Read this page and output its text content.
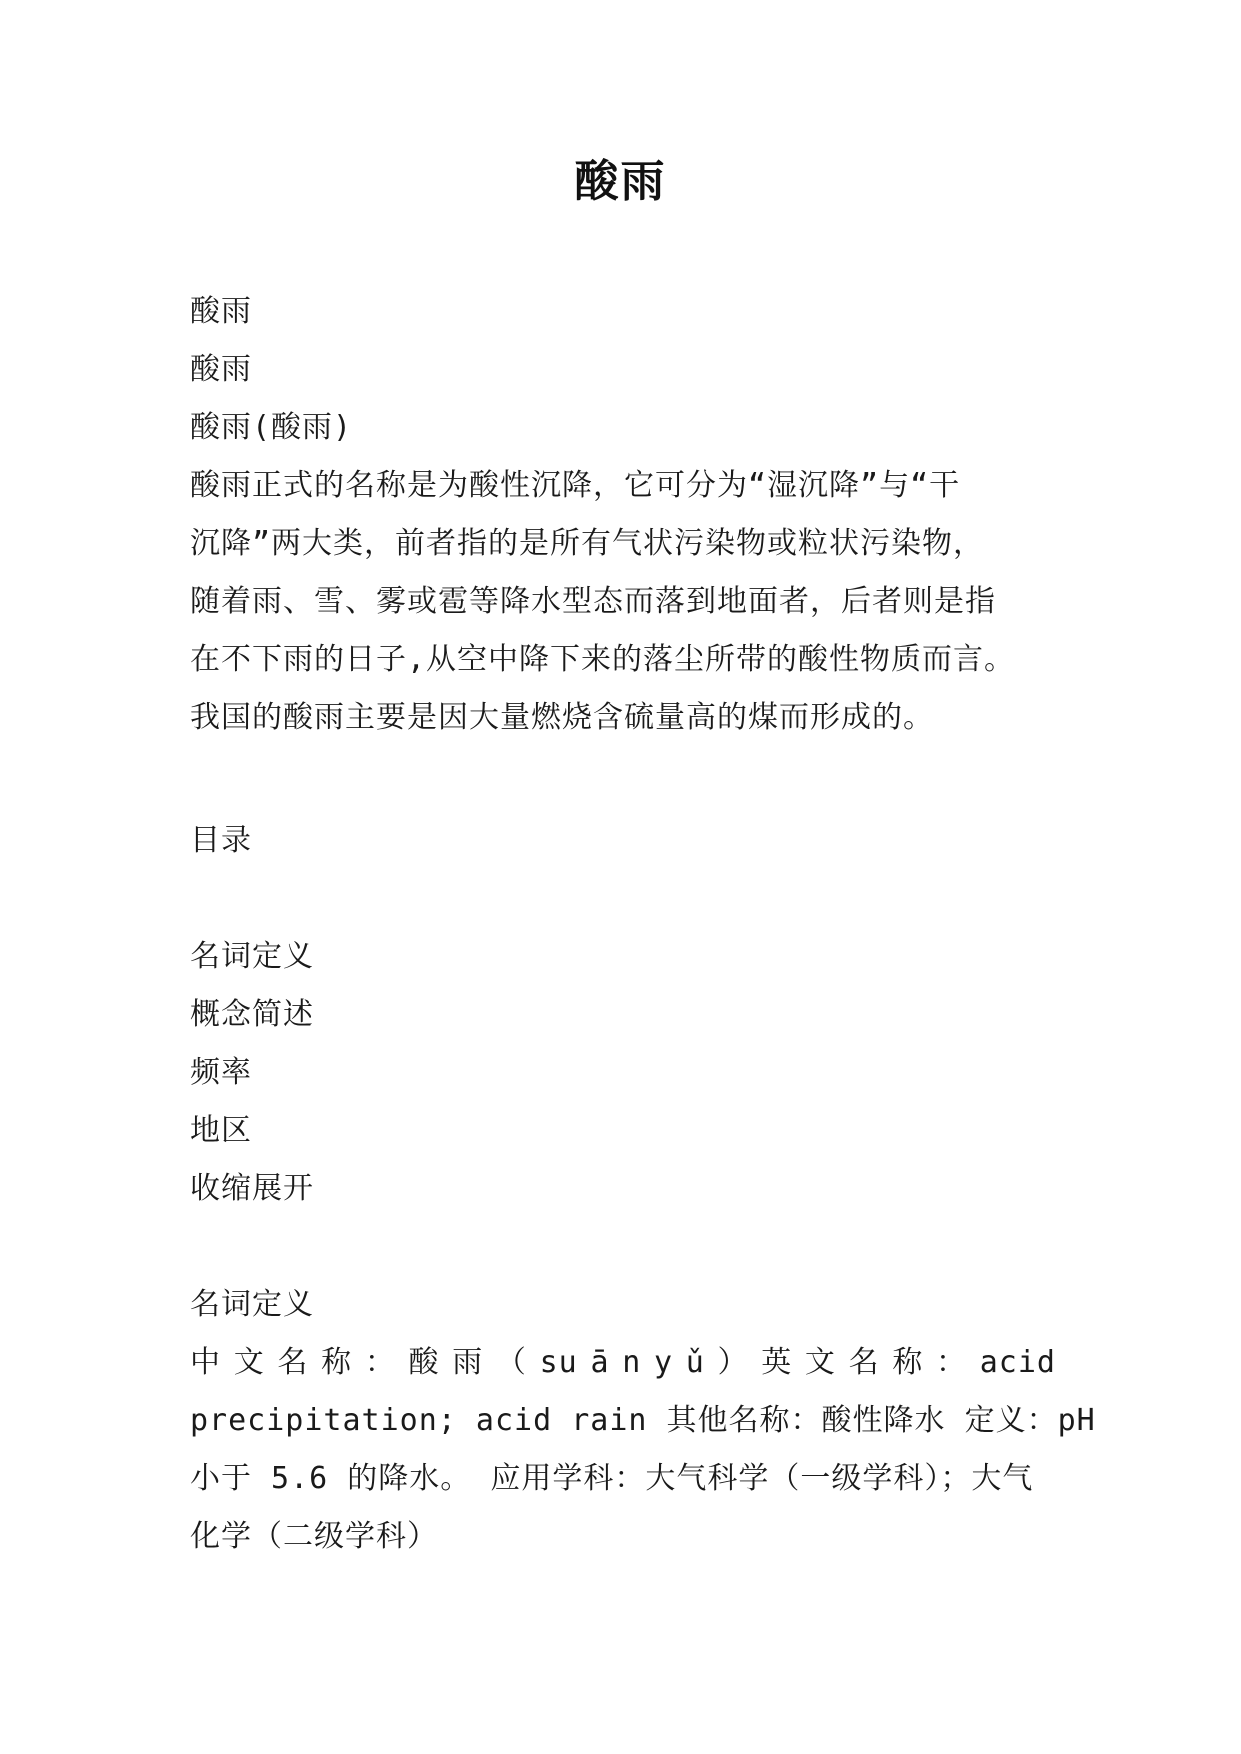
酸雨
酸雨
酸雨
酸雨(酸雨)
酸雨正式的名称是为酸性沉降，它可分为“湿沉降”与“干
沉降”两大类，前者指的是所有气状污染物或粒状污染物，
随着雨、雪、雾或雹等降水型态而落到地面者，后者则是指
在不下雨的日子,从空中降下来的落尘所带的酸性物质而言。
我国的酸雨主要是因大量燃烧含硫量高的煤而形成的。
目录
名词定义
概念简述
频率
地区
收缩展开
名词定义
中 文 名 称 ： 酸 雨 （ su ā n y ǔ ） 英 文 名 称 ： acid
precipitation; acid rain 其他名称：酸性降水 定义：pH
小于 5.6 的降水。 应用学科：大气科学（一级学科）；大气
化学（二级学科）
